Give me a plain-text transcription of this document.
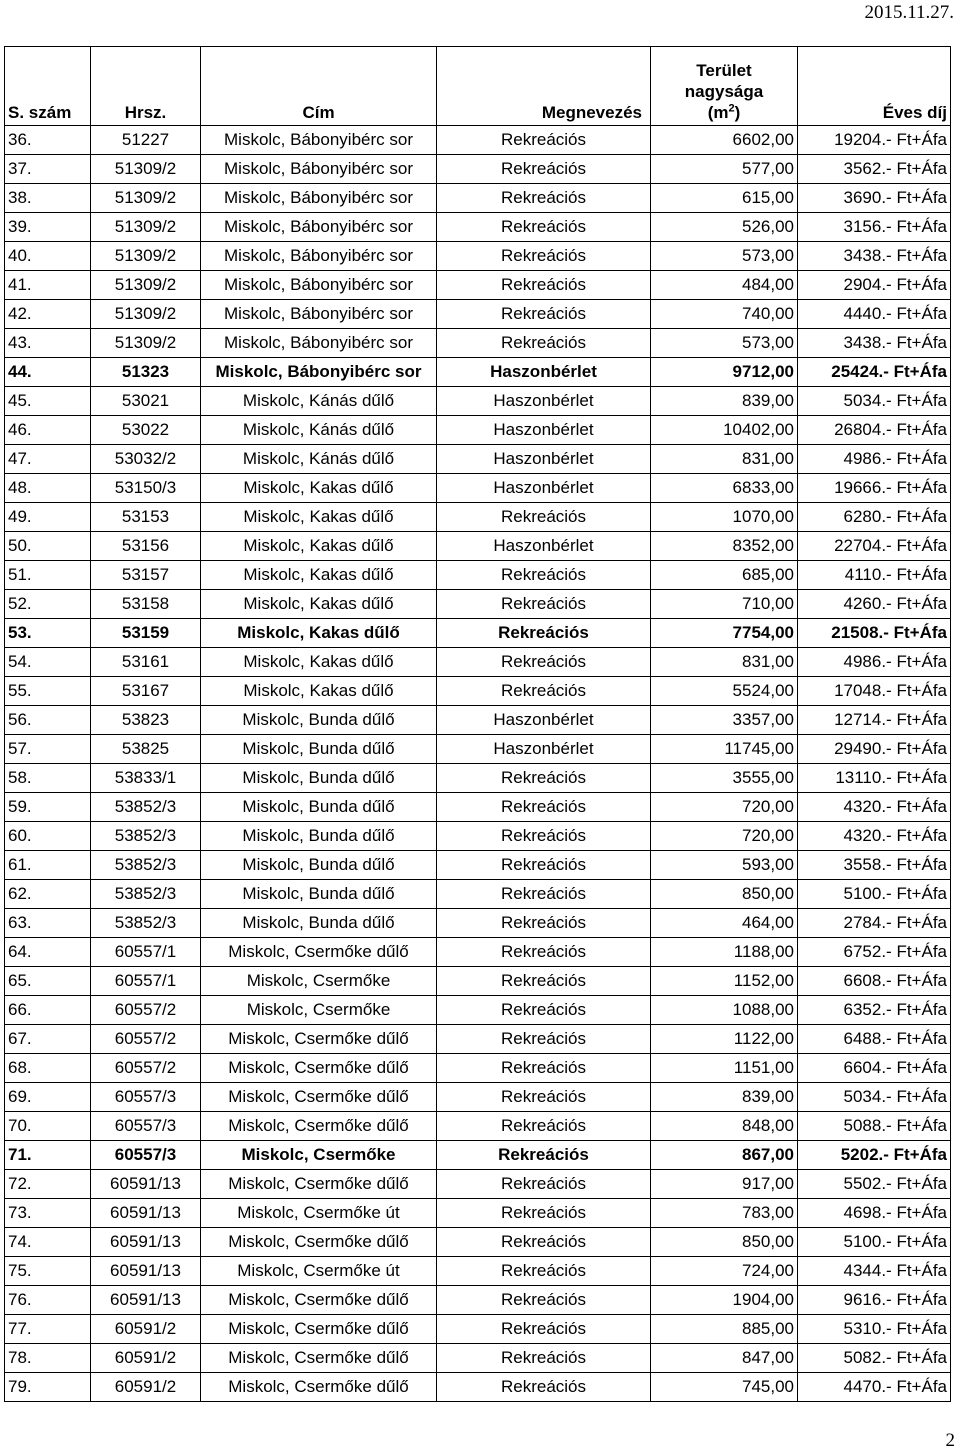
2015.11.27.
S. szám	Hrsz.	Cím	Megnevezés	Terület
nagysága
$(m^2)$	Éves díj
36.	51227	Miskolc, Bábonyibérc sor	Rekreációs	6602,00	19204.- Ft+Áfa
37.	51309/2	Miskolc, Bábonyibérc sor	Rekreációs	577,00	3562.- Ft+Áfa
38.	51309/2	Miskolc, Bábonyibérc sor	Rekreációs	615,00	3690.- Ft+Áfa
39.	51309/2	Miskolc, Bábonyibérc sor	Rekreációs	526,00	3156.- Ft+Áfa
40.	51309/2	Miskolc, Bábonyibérc sor	Rekreációs	573,00	3438.- Ft+Áfa
41.	51309/2	Miskolc, Bábonyibérc sor	Rekreációs	484,00	2904.- Ft+Áfa
42.	51309/2	Miskolc, Bábonyibérc sor	Rekreációs	740,00	4440.- Ft+Áfa
43.	51309/2	Miskolc, Bábonyibérc sor	Rekreációs	573,00	3438.- Ft+Áfa
44.	51323	Miskolc, Bábonyibérc sor	Haszonbérlet	9712,00	25424.- Ft+Áfa
45.	53021	Miskolc, Kánás dűlő	Haszonbérlet	839,00	5034.- Ft+Áfa
46.	53022	Miskolc, Kánás dűlő	Haszonbérlet	10402,00	26804.- Ft+Áfa
47.	53032/2	Miskolc, Kánás dűlő	Haszonbérlet	831,00	4986.- Ft+Áfa
48.	53150/3	Miskolc, Kakas dűlő	Haszonbérlet	6833,00	19666.- Ft+Áfa
49.	53153	Miskolc, Kakas dűlő	Rekreációs	1070,00	6280.- Ft+Áfa
50.	53156	Miskolc, Kakas dűlő	Haszonbérlet	8352,00	22704.- Ft+Áfa
51.	53157	Miskolc, Kakas dűlő	Rekreációs	685,00	4110.- Ft+Áfa
52.	53158	Miskolc, Kakas dűlő	Rekreációs	710,00	4260.- Ft+Áfa
53.	53159	Miskolc, Kakas dűlő	Rekreációs	7754,00	21508.- Ft+Áfa
54.	53161	Miskolc, Kakas dűlő	Rekreációs	831,00	4986.- Ft+Áfa
55.	53167	Miskolc, Kakas dűlő	Rekreációs	5524,00	17048.- Ft+Áfa
56.	53823	Miskolc, Bunda dűlő	Haszonbérlet	3357,00	12714.- Ft+Áfa
57.	53825	Miskolc, Bunda dűlő	Haszonbérlet	11745,00	29490.- Ft+Áfa
58.	53833/1	Miskolc, Bunda dűlő	Rekreációs	3555,00	13110.- Ft+Áfa
59.	53852/3	Miskolc, Bunda dűlő	Rekreációs	720,00	4320.- Ft+Áfa
60.	53852/3	Miskolc, Bunda dűlő	Rekreációs	720,00	4320.- Ft+Áfa
61.	53852/3	Miskolc, Bunda dűlő	Rekreációs	593,00	3558.- Ft+Áfa
62.	53852/3	Miskolc, Bunda dűlő	Rekreációs	850,00	5100.- Ft+Áfa
63.	53852/3	Miskolc, Bunda dűlő	Rekreációs	464,00	2784.- Ft+Áfa
64.	60557/1	Miskolc, Csermőke dűlő	Rekreációs	1188,00	6752.- Ft+Áfa
65.	60557/1	Miskolc, Csermőke	Rekreációs	1152,00	6608.- Ft+Áfa
66.	60557/2	Miskolc, Csermőke	Rekreációs	1088,00	6352.- Ft+Áfa
67.	60557/2	Miskolc, Csermőke dűlő	Rekreációs	1122,00	6488.- Ft+Áfa
68.	60557/2	Miskolc, Csermőke dűlő	Rekreációs	1151,00	6604.- Ft+Áfa
69.	60557/3	Miskolc, Csermőke dűlő	Rekreációs	839,00	5034.- Ft+Áfa
70.	60557/3	Miskolc, Csermőke dűlő	Rekreációs	848,00	5088.- Ft+Áfa
71.	60557/3	Miskolc, Csermőke	Rekreációs	867,00	5202.- Ft+Áfa
72.	60591/13	Miskolc, Csermőke dűlő	Rekreációs	917,00	5502.- Ft+Áfa
73.	60591/13	Miskolc, Csermőke út	Rekreációs	783,00	4698.- Ft+Áfa
74.	60591/13	Miskolc, Csermőke dűlő	Rekreációs	850,00	5100.- Ft+Áfa
75.	60591/13	Miskolc, Csermőke út	Rekreációs	724,00	4344.- Ft+Áfa
76.	60591/13	Miskolc, Csermőke dűlő	Rekreációs	1904,00	9616.- Ft+Áfa
77.	60591/2	Miskolc, Csermőke dűlő	Rekreációs	885,00	5310.- Ft+Áfa
78.	60591/2	Miskolc, Csermőke dűlő	Rekreációs	847,00	5082.- Ft+Áfa
79.	60591/2	Miskolc, Csermőke dűlő	Rekreációs	745,00	4470.- Ft+Áfa
2
